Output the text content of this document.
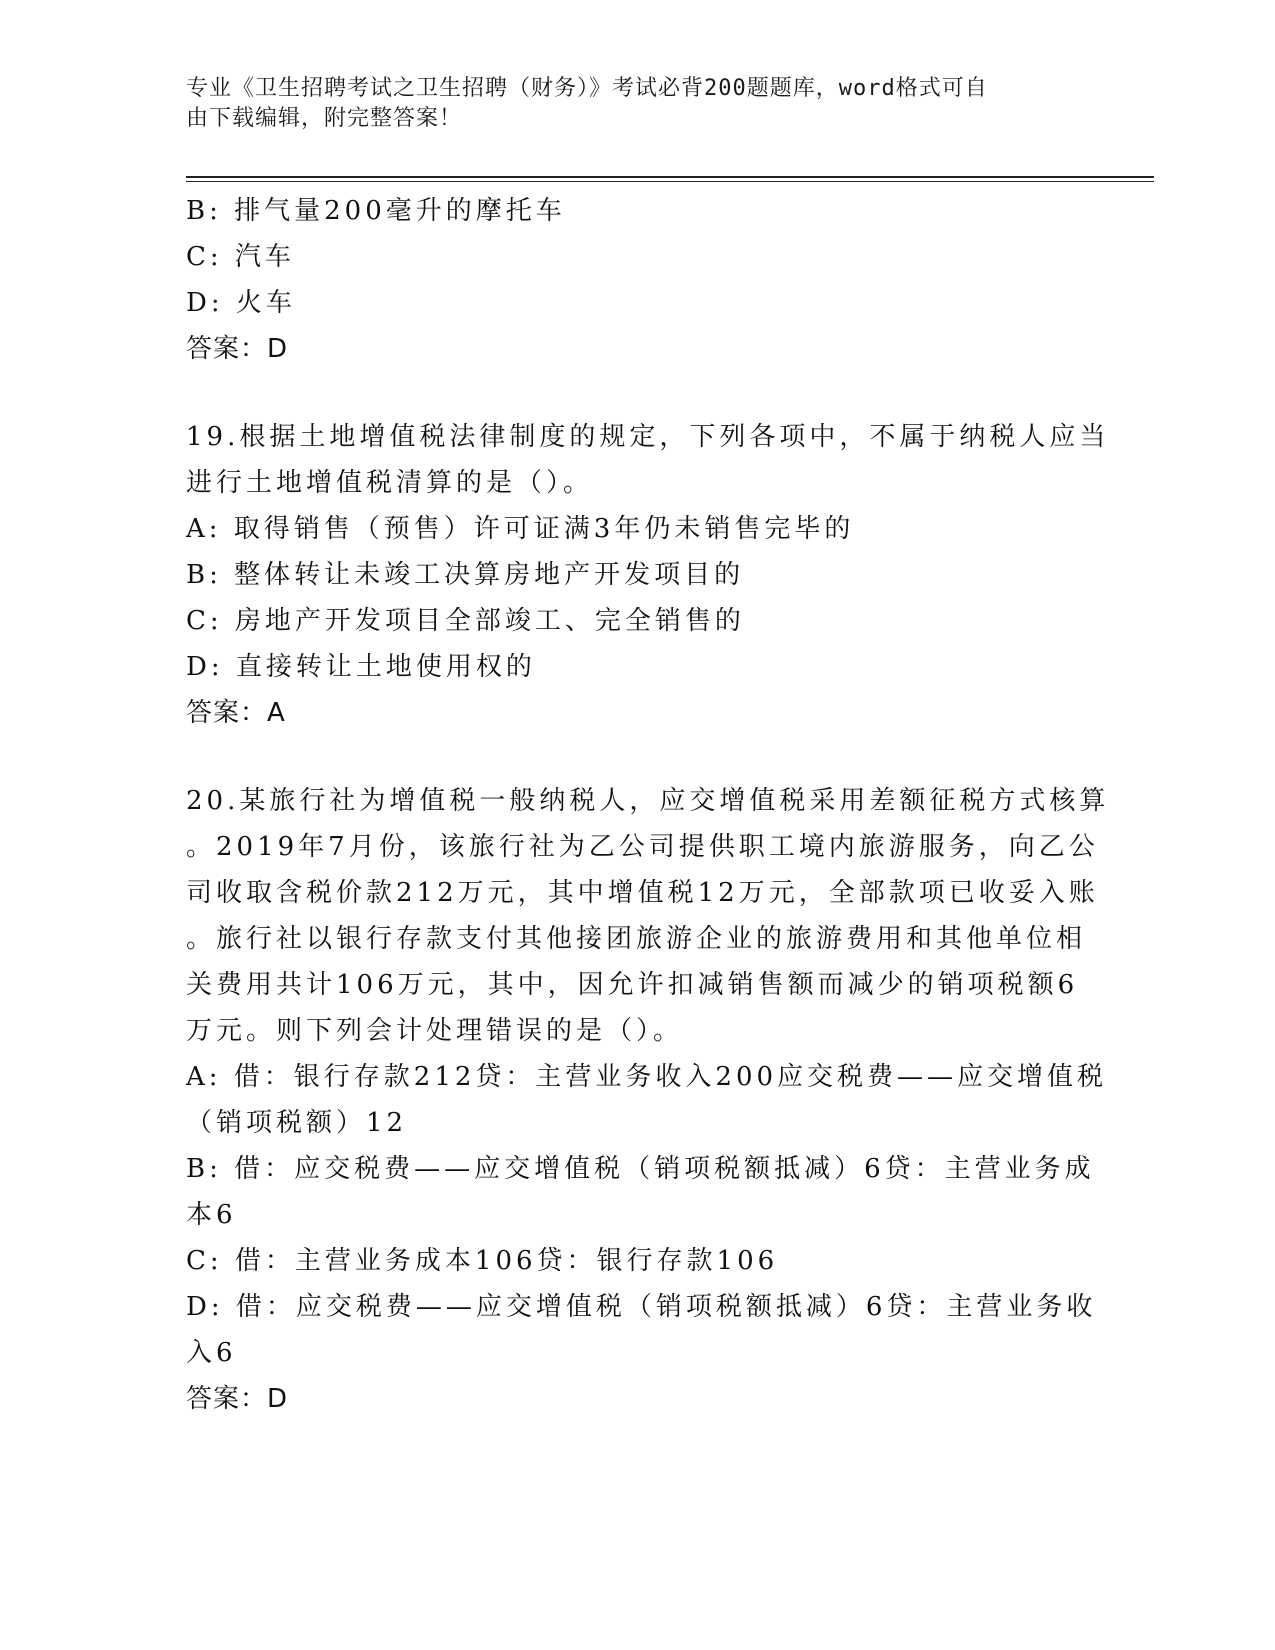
专业《卫生招聘考试之卫生招聘（财务）》考试必背200题题库，word格式可自
由下载编辑，附完整答案！
B: 排气量200毫升的摩托车
C: 汽车
D: 火车
答案：D
19.根据土地增值税法律制度的规定，下列各项中，不属于纳税人应当
进行土地增值税清算的是（）。
A: 取得销售（预售）许可证满3年仍未销售完毕的
B: 整体转让未竣工决算房地产开发项目的
C: 房地产开发项目全部竣工、完全销售的
D: 直接转让土地使用权的
答案：A
20.某旅行社为增值税一般纳税人，应交增值税采用差额征税方式核算
。2019年7月份，该旅行社为乙公司提供职工境内旅游服务，向乙公
司收取含税价款212万元，其中增值税12万元，全部款项已收妥入账
。旅行社以银行存款支付其他接团旅游企业的旅游费用和其他单位相
关费用共计106万元，其中，因允许扣减销售额而减少的销项税额6
万元。则下列会计处理错误的是（）。
A: 借：银行存款212贷：主营业务收入200应交税费——应交增值税
（销项税额）12
B: 借：应交税费——应交增值税（销项税额抵减）6贷：主营业务成
本6
C: 借：主营业务成本106贷：银行存款106
D: 借：应交税费——应交增值税（销项税额抵减）6贷：主营业务收
入6
答案：D
